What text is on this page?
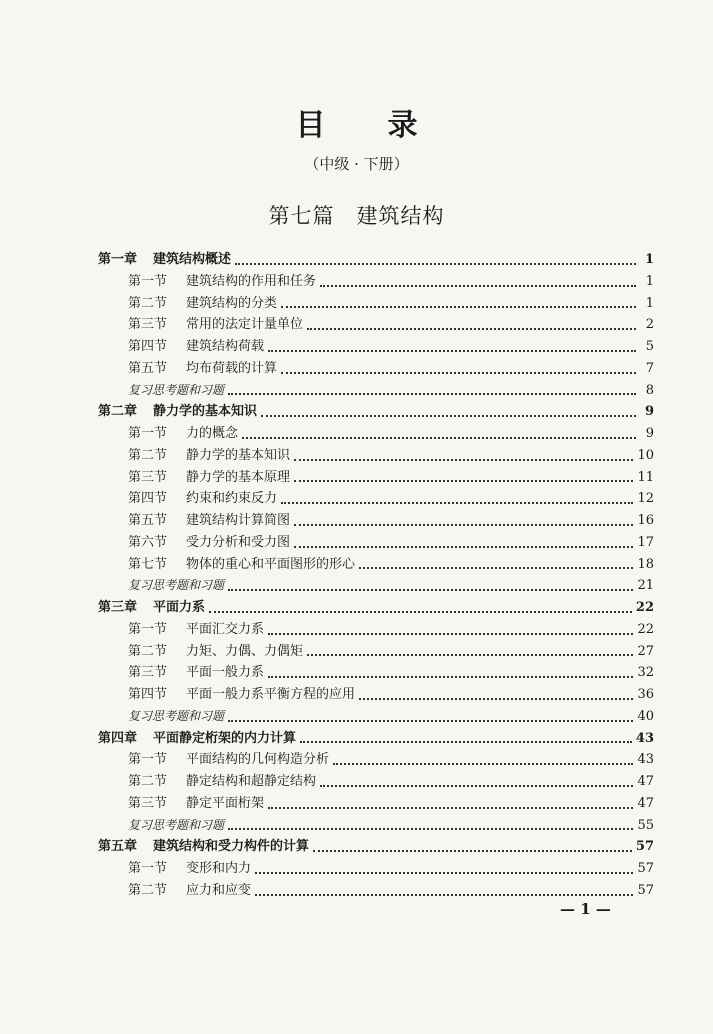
目录
（中级 · 下册）
第七篇　建筑结构
第一章 建筑结构概述	1
第一节 建筑结构的作用和任务	1
第二节 建筑结构的分类	1
第三节 常用的法定计量单位	2
第四节 建筑结构荷载	5
第五节 均布荷载的计算	7
复习思考题和习题	8
第二章 静力学的基本知识	9
第一节 力的概念	9
第二节 静力学的基本知识	10
第三节 静力学的基本原理	11
第四节 约束和约束反力	12
第五节 建筑结构计算简图	16
第六节 受力分析和受力图	17
第七节 物体的重心和平面图形的形心	18
复习思考题和习题	21
第三章 平面力系	22
第一节 平面汇交力系	22
第二节 力矩、力偶、力偶矩	27
第三节 平面一般力系	32
第四节 平面一般力系平衡方程的应用	36
复习思考题和习题	40
第四章 平面静定桁架的内力计算	43
第一节 平面结构的几何构造分析	43
第二节 静定结构和超静定结构	47
第三节 静定平面桁架	47
复习思考题和习题	55
第五章 建筑结构和受力构件的计算	57
第一节 变形和内力	57
第二节 应力和应变	57
— 1 —
